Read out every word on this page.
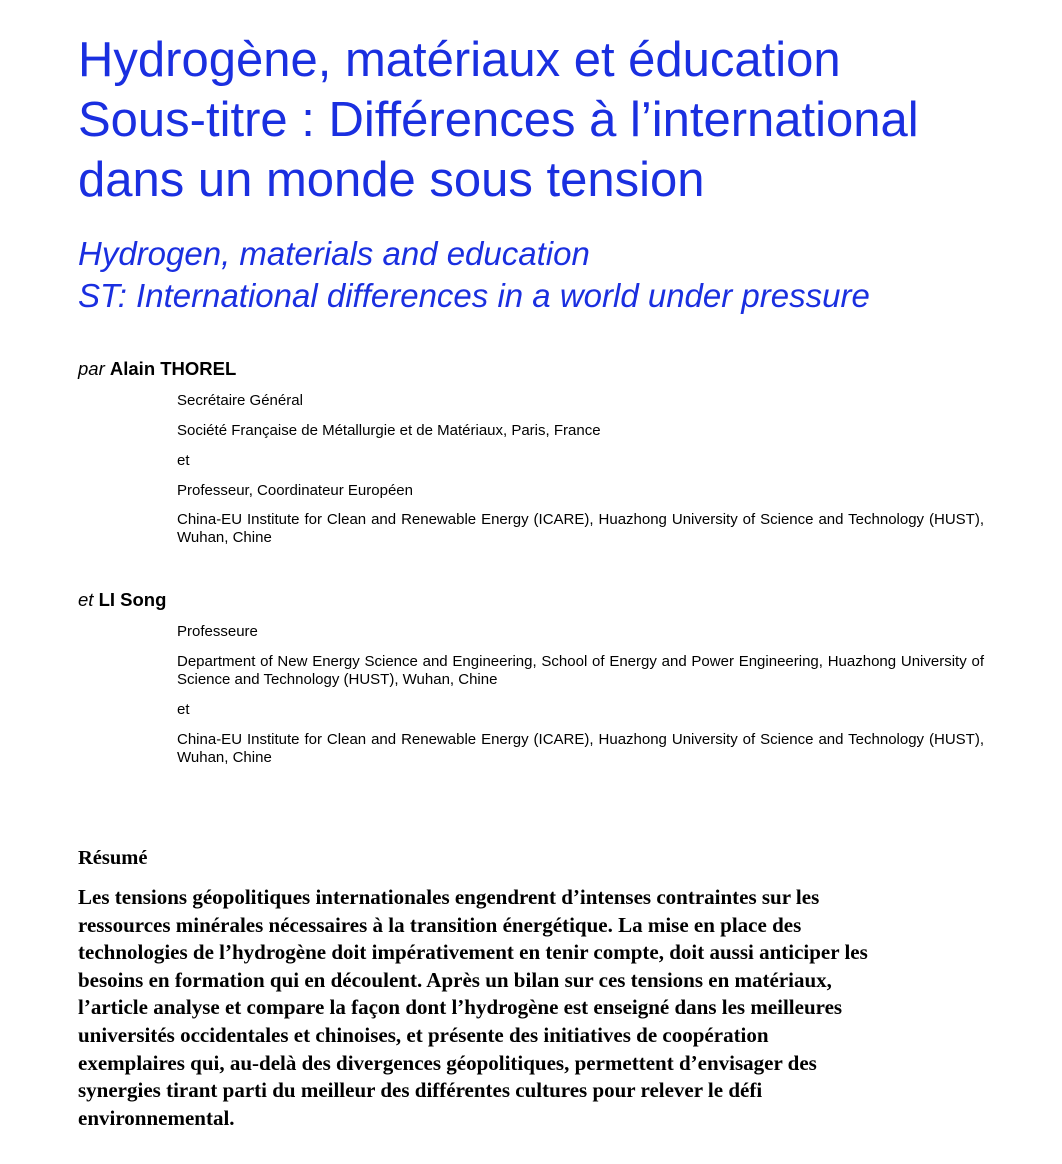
Hydrogène, matériaux et éducation
Sous-titre : Différences à l’international
dans un monde sous tension
Hydrogen, materials and education
ST: International differences in a world under pressure
par Alain THOREL
Secrétaire Général
Société Française de Métallurgie et de Matériaux, Paris, France
et
Professeur, Coordinateur Européen
China-EU Institute for Clean and Renewable Energy (ICARE), Huazhong University of Science and Technology (HUST), Wuhan, Chine
et LI Song
Professeure
Department of New Energy Science and Engineering, School of Energy and Power Engineering, Huazhong University of Science and Technology (HUST), Wuhan, Chine
et
China-EU Institute for Clean and Renewable Energy (ICARE), Huazhong University of Science and Technology (HUST), Wuhan, Chine
Résumé
Les tensions géopolitiques internationales engendrent d’intenses contraintes sur les
ressources minérales nécessaires à la transition énergétique. La mise en place des
technologies de l’hydrogène doit impérativement en tenir compte, doit aussi anticiper les
besoins en formation qui en découlent. Après un bilan sur ces tensions en matériaux,
l’article analyse et compare la façon dont l’hydrogène est enseigné dans les meilleures
universités occidentales et chinoises, et présente des initiatives de coopération
exemplaires qui, au-delà des divergences géopolitiques, permettent d’envisager des
synergies tirant parti du meilleur des différentes cultures pour relever le défi
environnemental.
